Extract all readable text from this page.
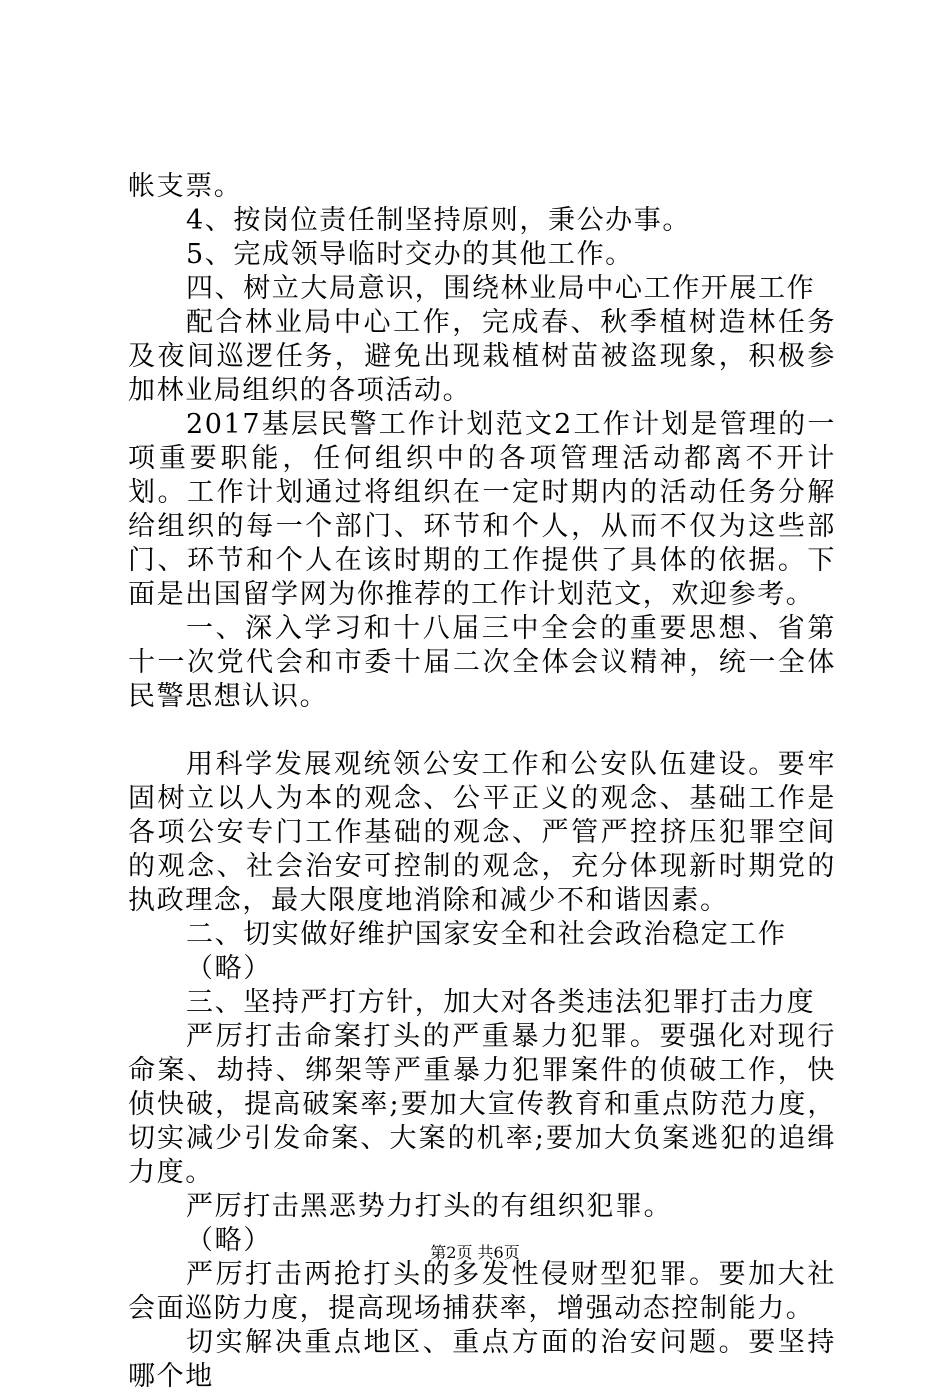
帐支票。

4、按岗位责任制坚持原则，秉公办事。

5、完成领导临时交办的其他工作。

四、树立大局意识，围绕林业局中心工作开展工作

配合林业局中心工作，完成春、秋季植树造林任务及夜间巡逻任务，避免出现栽植树苗被盗现象，积极参加林业局组织的各项活动。

2017基层民警工作计划范文2工作计划是管理的一项重要职能，任何组织中的各项管理活动都离不开计划。工作计划通过将组织在一定时期内的活动任务分解给组织的每一个部门、环节和个人，从而不仅为这些部门、环节和个人在该时期的工作提供了具体的依据。下面是出国留学网为你推荐的工作计划范文，欢迎参考。

一、深入学习和十八届三中全会的重要思想、省第十一次党代会和市委十届二次全体会议精神，统一全体民警思想认识。

用科学发展观统领公安工作和公安队伍建设。要牢固树立以人为本的观念、公平正义的观念、基础工作是各项公安专门工作基础的观念、严管严控挤压犯罪空间的观念、社会治安可控制的观念，充分体现新时期党的执政理念，最大限度地消除和减少不和谐因素。

二、切实做好维护国家安全和社会政治稳定工作

（略）

三、坚持严打方针，加大对各类违法犯罪打击力度

严厉打击命案打头的严重暴力犯罪。要强化对现行命案、劫持、绑架等严重暴力犯罪案件的侦破工作，快侦快破，提高破案率;要加大宣传教育和重点防范力度，切实减少引发命案、大案的机率;要加大负案逃犯的追缉力度。

严厉打击黑恶势力打头的有组织犯罪。

（略）

严厉打击两抢打头的多发性侵财型犯罪。要加大社会面巡防力度，提高现场捕获率，增强动态控制能力。

切实解决重点地区、重点方面的治安问题。要坚持哪个地

第2页 共6页
